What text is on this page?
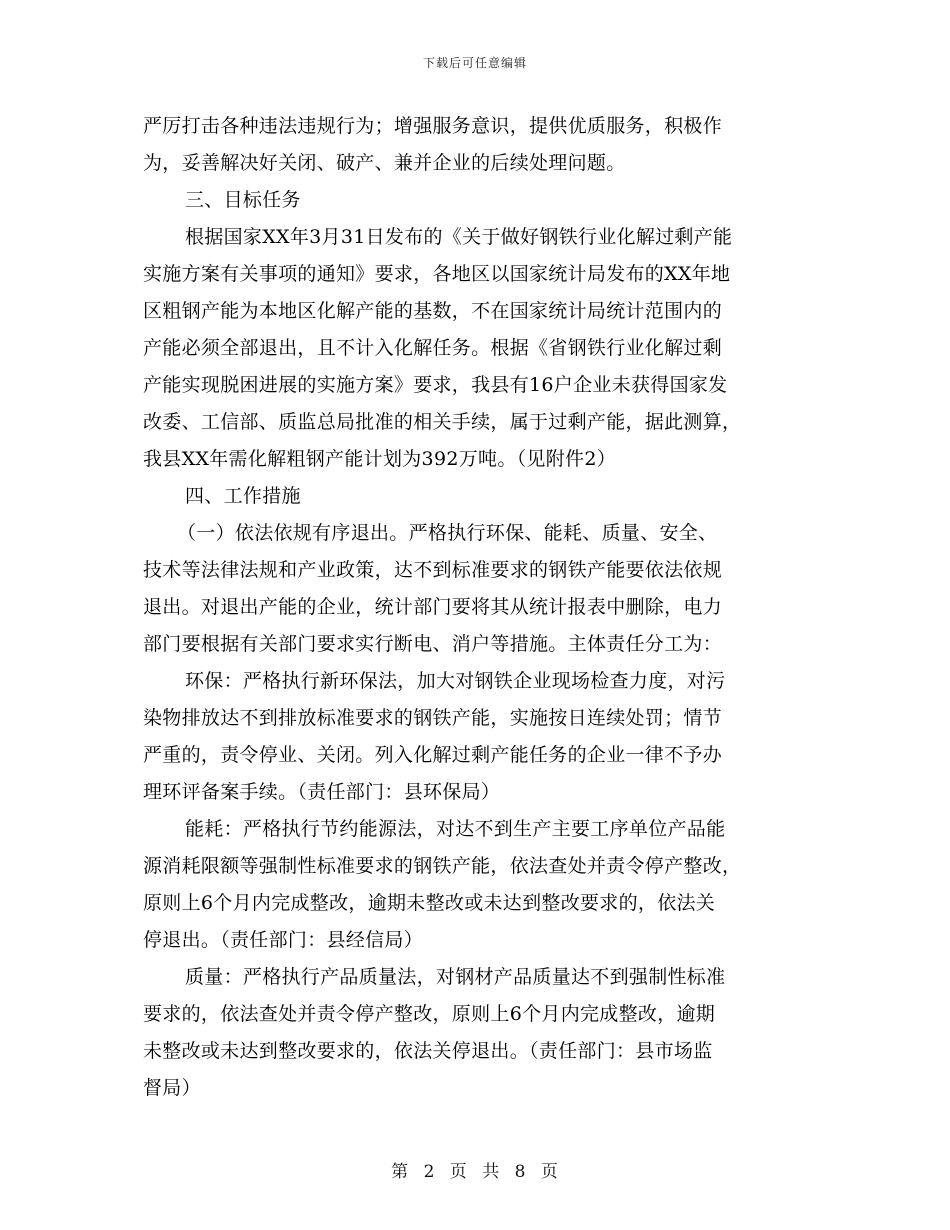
下载后可任意编辑
严厉打击各种违法违规行为；增强服务意识，提供优质服务，积极作
为，妥善解决好关闭、破产、兼并企业的后续处理问题。
三、目标任务
根据国家XX年3月31日发布的《关于做好钢铁行业化解过剩产能
实施方案有关事项的通知》要求，各地区以国家统计局发布的XX年地
区粗钢产能为本地区化解产能的基数，不在国家统计局统计范围内的
产能必须全部退出，且不计入化解任务。根据《省钢铁行业化解过剩
产能实现脱困进展的实施方案》要求，我县有16户企业未获得国家发
改委、工信部、质监总局批准的相关手续，属于过剩产能，据此测算，
我县XX年需化解粗钢产能计划为392万吨。（见附件2）
四、工作措施
（一）依法依规有序退出。严格执行环保、能耗、质量、安全、
技术等法律法规和产业政策，达不到标准要求的钢铁产能要依法依规
退出。对退出产能的企业，统计部门要将其从统计报表中删除，电力
部门要根据有关部门要求实行断电、消户等措施。主体责任分工为：
环保：严格执行新环保法，加大对钢铁企业现场检查力度，对污
染物排放达不到排放标准要求的钢铁产能，实施按日连续处罚；情节
严重的，责令停业、关闭。列入化解过剩产能任务的企业一律不予办
理环评备案手续。（责任部门：县环保局）
能耗：严格执行节约能源法，对达不到生产主要工序单位产品能
源消耗限额等强制性标准要求的钢铁产能，依法查处并责令停产整改，
原则上6个月内完成整改，逾期未整改或未达到整改要求的，依法关
停退出。（责任部门：县经信局）
质量：严格执行产品质量法，对钢材产品质量达不到强制性标准
要求的，依法查处并责令停产整改，原则上6个月内完成整改，逾期
未整改或未达到整改要求的，依法关停退出。（责任部门：县市场监
督局）
第 2 页 共 8 页
